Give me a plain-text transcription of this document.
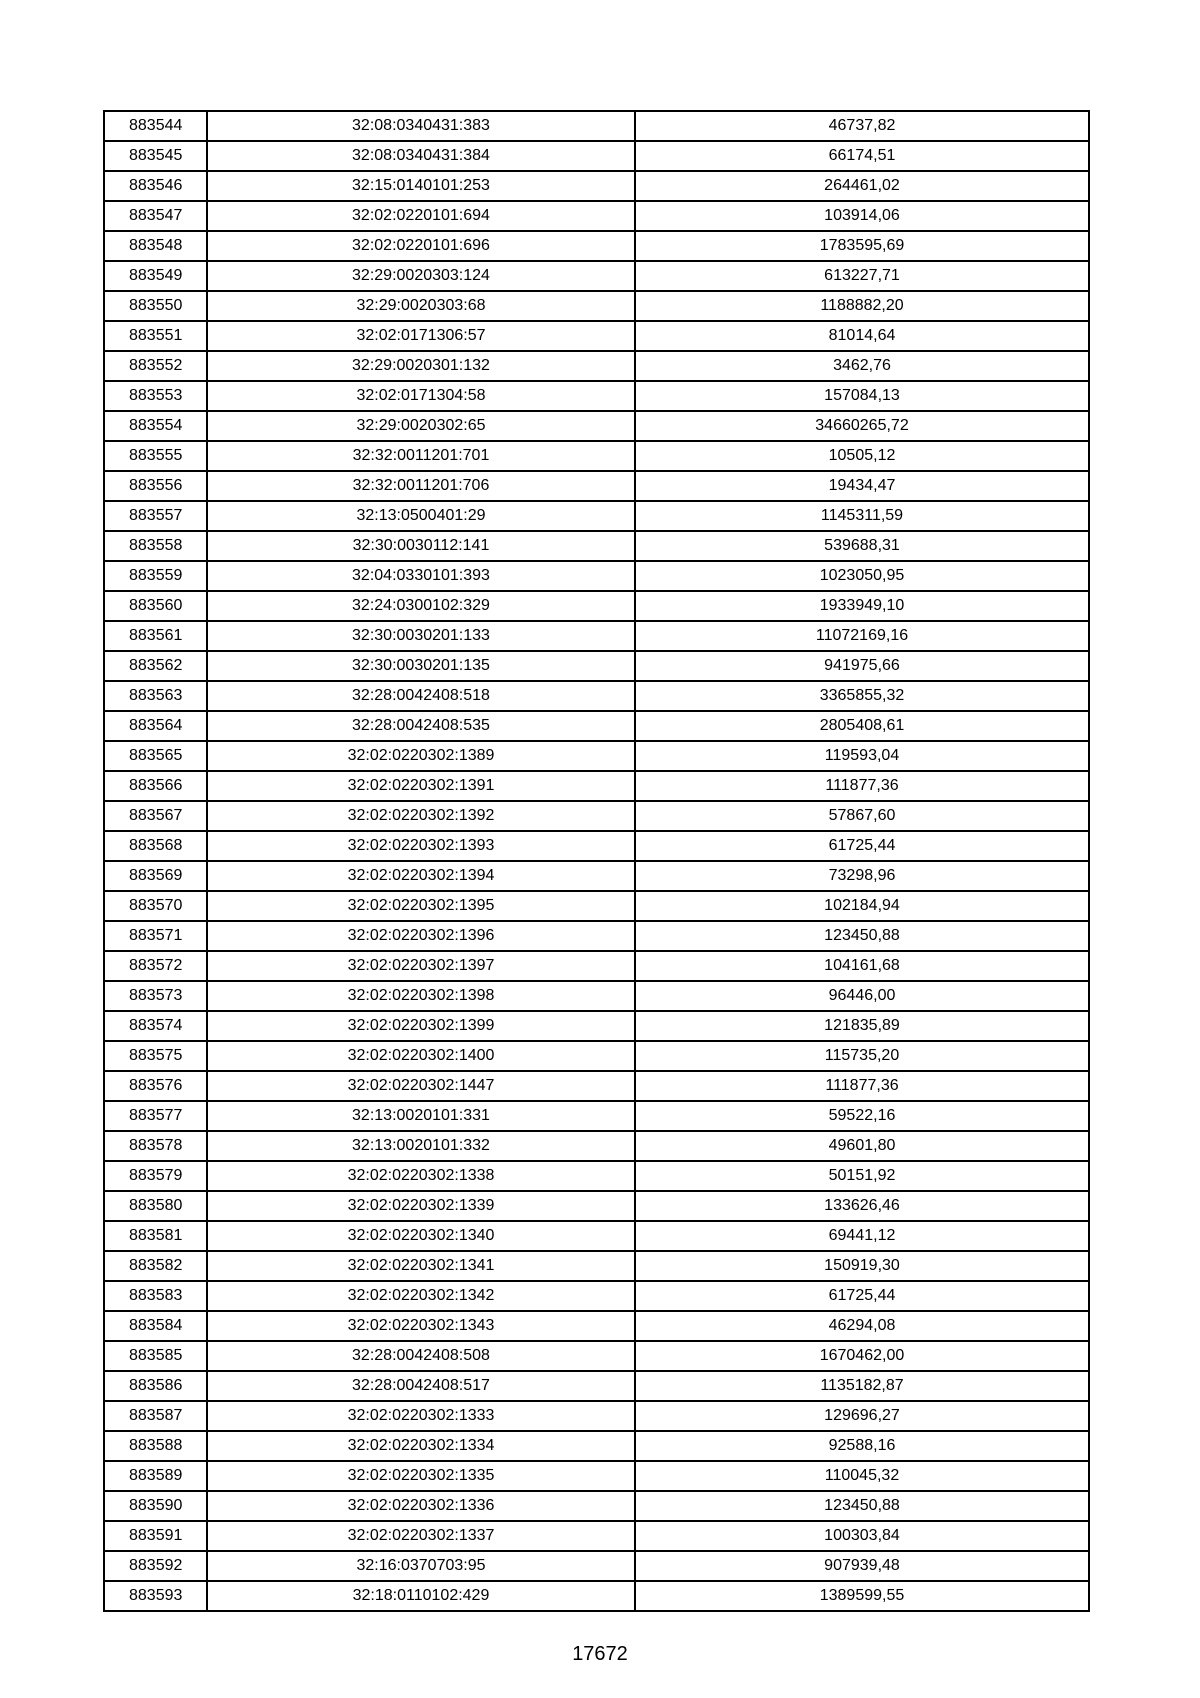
883544	32:08:0340431:383	46737,82
883545	32:08:0340431:384	66174,51
883546	32:15:0140101:253	264461,02
883547	32:02:0220101:694	103914,06
883548	32:02:0220101:696	1783595,69
883549	32:29:0020303:124	613227,71
883550	32:29:0020303:68	1188882,20
883551	32:02:0171306:57	81014,64
883552	32:29:0020301:132	3462,76
883553	32:02:0171304:58	157084,13
883554	32:29:0020302:65	34660265,72
883555	32:32:0011201:701	10505,12
883556	32:32:0011201:706	19434,47
883557	32:13:0500401:29	1145311,59
883558	32:30:0030112:141	539688,31
883559	32:04:0330101:393	1023050,95
883560	32:24:0300102:329	1933949,10
883561	32:30:0030201:133	11072169,16
883562	32:30:0030201:135	941975,66
883563	32:28:0042408:518	3365855,32
883564	32:28:0042408:535	2805408,61
883565	32:02:0220302:1389	119593,04
883566	32:02:0220302:1391	111877,36
883567	32:02:0220302:1392	57867,60
883568	32:02:0220302:1393	61725,44
883569	32:02:0220302:1394	73298,96
883570	32:02:0220302:1395	102184,94
883571	32:02:0220302:1396	123450,88
883572	32:02:0220302:1397	104161,68
883573	32:02:0220302:1398	96446,00
883574	32:02:0220302:1399	121835,89
883575	32:02:0220302:1400	115735,20
883576	32:02:0220302:1447	111877,36
883577	32:13:0020101:331	59522,16
883578	32:13:0020101:332	49601,80
883579	32:02:0220302:1338	50151,92
883580	32:02:0220302:1339	133626,46
883581	32:02:0220302:1340	69441,12
883582	32:02:0220302:1341	150919,30
883583	32:02:0220302:1342	61725,44
883584	32:02:0220302:1343	46294,08
883585	32:28:0042408:508	1670462,00
883586	32:28:0042408:517	1135182,87
883587	32:02:0220302:1333	129696,27
883588	32:02:0220302:1334	92588,16
883589	32:02:0220302:1335	110045,32
883590	32:02:0220302:1336	123450,88
883591	32:02:0220302:1337	100303,84
883592	32:16:0370703:95	907939,48
883593	32:18:0110102:429	1389599,55
17672
